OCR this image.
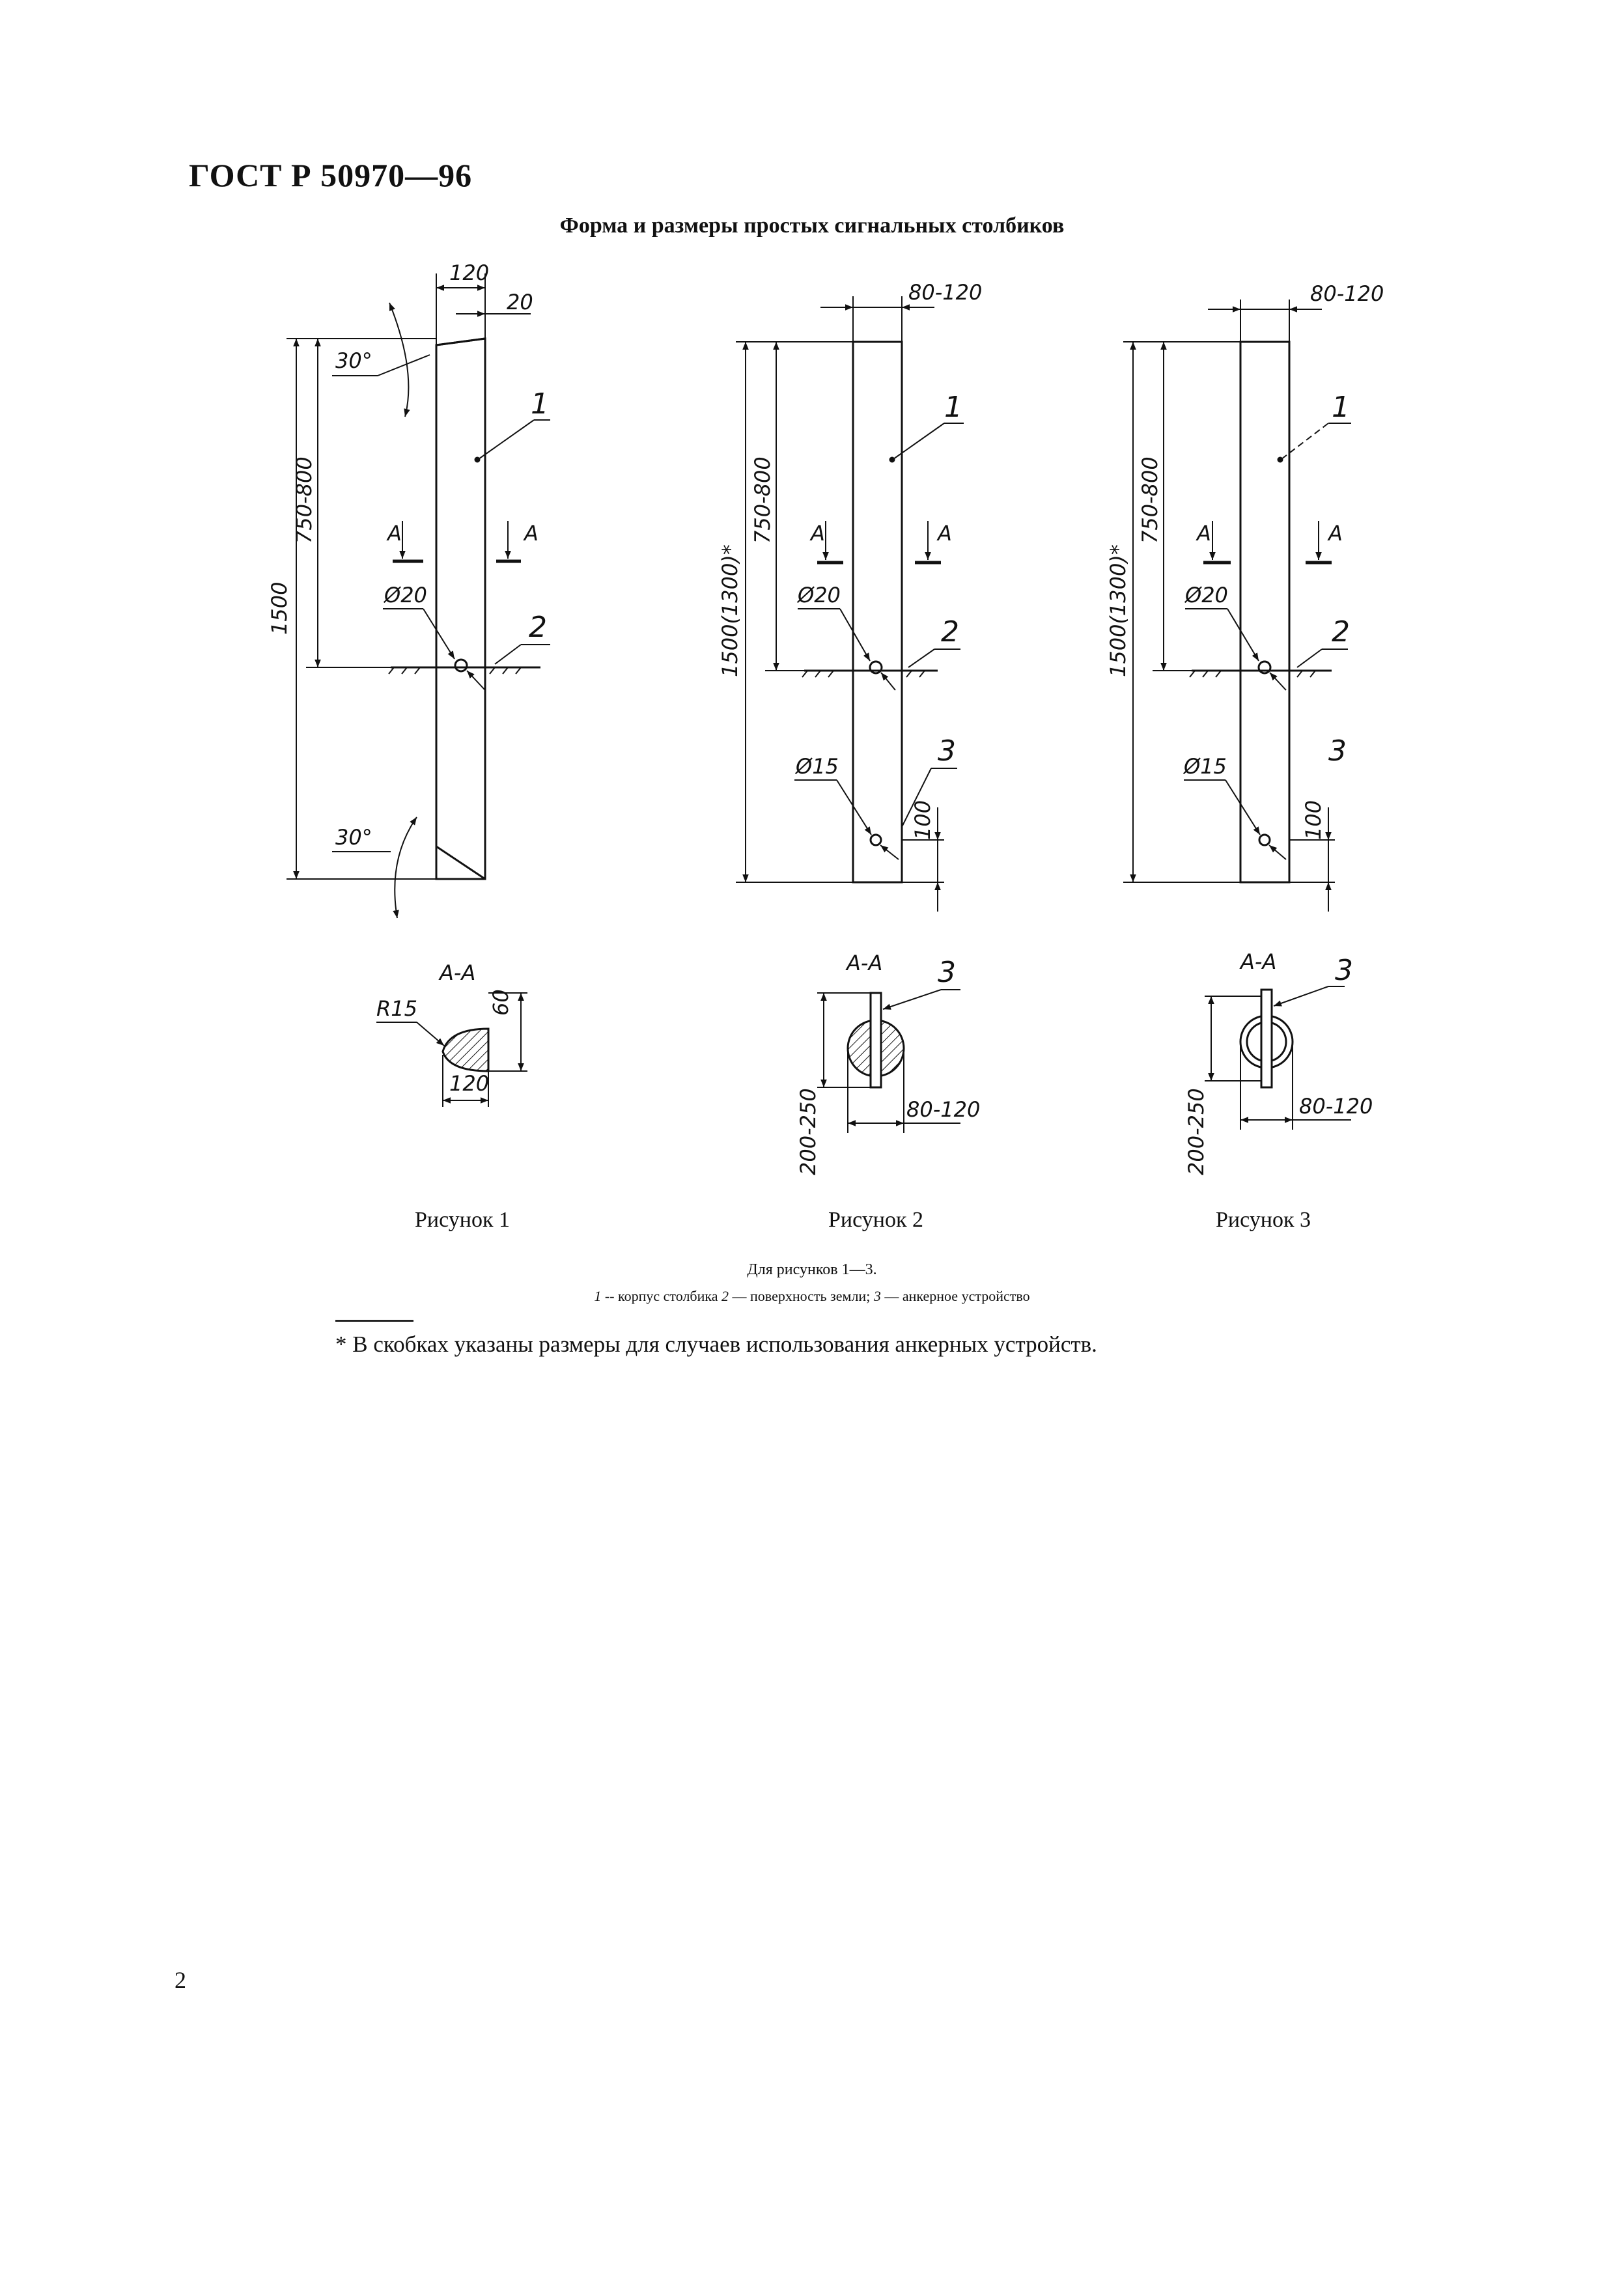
ГОСТ Р 50970—96
Форма и размеры простых сигнальных столбиков
120
20
30°
30°
1500
750-800	A	A
Ø20
1
2
А-А
R15	60
120
80-120
1500(1300)*
750-800 A	A
Ø20
Ø15
100
1
2
3
А-А 3
200-250	80-120
80-120
1500(1300)*
750-800 A	A
Ø20
Ø15
100
1
2
3
А-А 3
200-250	80-120
Рисунок 1	Рисунок 2	Рисунок 3
Для рисунков 1—3.
1 -- корпус столбика 2 — поверхность земли; 3 — анкерное устройство
* В скобках указаны размеры для случаев использования анкерных устройств.
2
